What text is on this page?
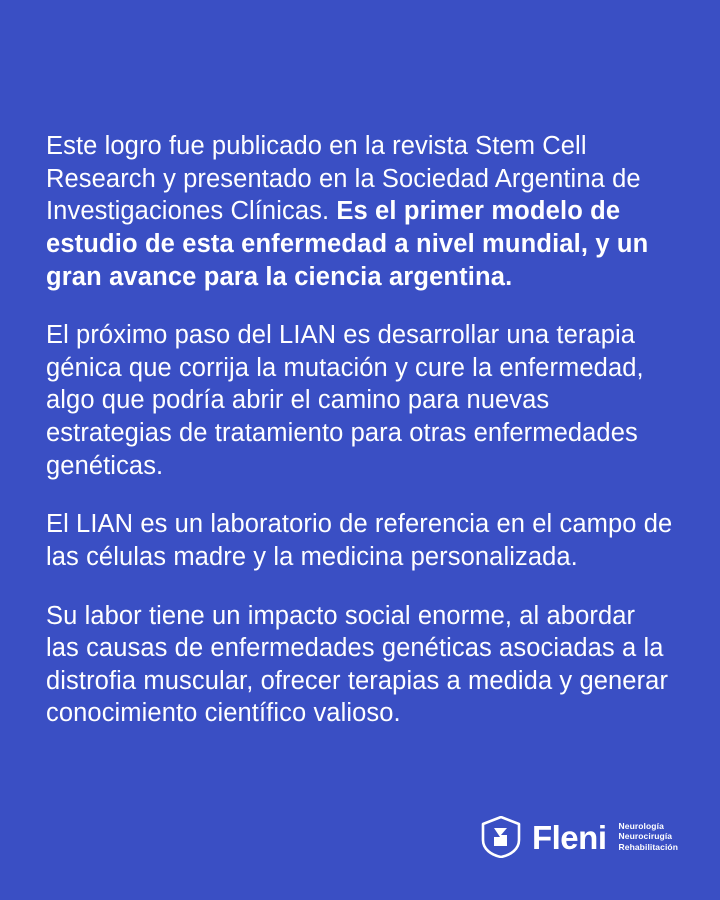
Este logro fue publicado en la revista Stem Cell Research y presentado en la Sociedad Argentina de Investigaciones Clínicas. Es el primer modelo de estudio de esta enfermedad a nivel mundial, y un gran avance para la ciencia argentina.

El próximo paso del LIAN es desarrollar una terapia génica que corrija la mutación y cure la enfermedad, algo que podría abrir el camino para nuevas estrategias de tratamiento para otras enfermedades genéticas.

El LIAN es un laboratorio de referencia en el campo de las células madre y la medicina personalizada.

Su labor tiene un impacto social enorme, al abordar las causas de enfermedades genéticas asociadas a la distrofia muscular, ofrecer terapias a medida y generar conocimiento científico valioso.

Fleni Neurología
Neurocirugía
Rehabilitación
